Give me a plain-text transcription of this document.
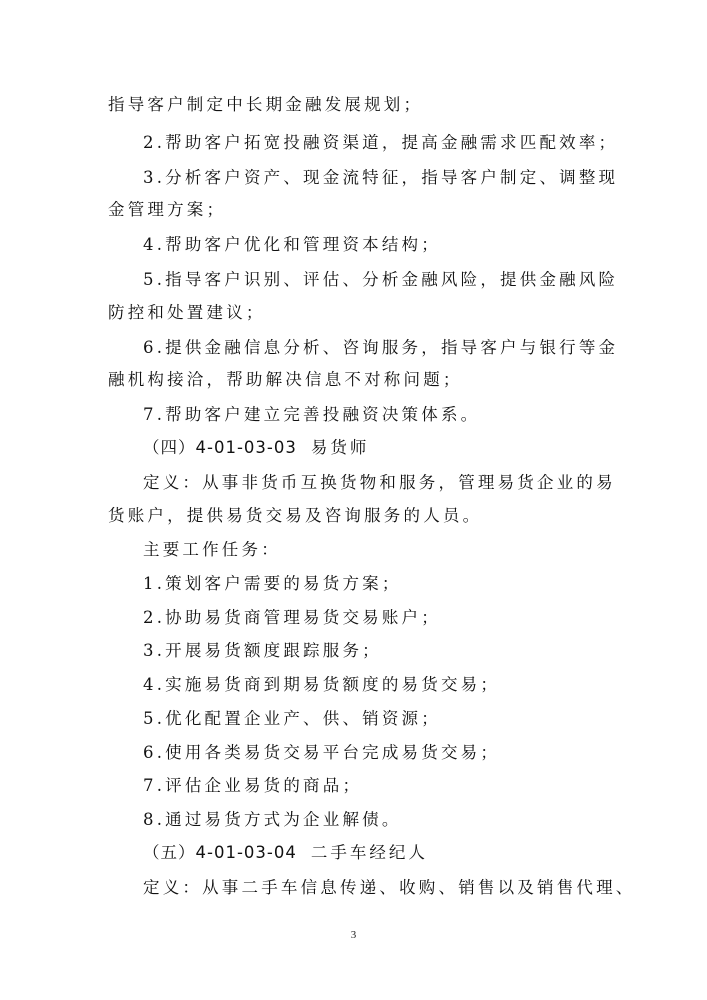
指导客户制定中长期金融发展规划；
2.帮助客户拓宽投融资渠道，提高金融需求匹配效率；
3.分析客户资产、现金流特征，指导客户制定、调整现
金管理方案；
4.帮助客户优化和管理资本结构；
5.指导客户识别、评估、分析金融风险，提供金融风险
防控和处置建议；
6.提供金融信息分析、咨询服务，指导客户与银行等金
融机构接洽，帮助解决信息不对称问题；
7.帮助客户建立完善投融资决策体系。
（四）4-01-03-03 易货师
定义：从事非货币互换货物和服务，管理易货企业的易
货账户，提供易货交易及咨询服务的人员。
主要工作任务：
1.策划客户需要的易货方案；
2.协助易货商管理易货交易账户；
3.开展易货额度跟踪服务；
4.实施易货商到期易货额度的易货交易；
5.优化配置企业产、供、销资源；
6.使用各类易货交易平台完成易货交易；
7.评估企业易货的商品；
8.通过易货方式为企业解债。
（五）4-01-03-04 二手车经纪人
定义：从事二手车信息传递、收购、销售以及销售代理、
3
